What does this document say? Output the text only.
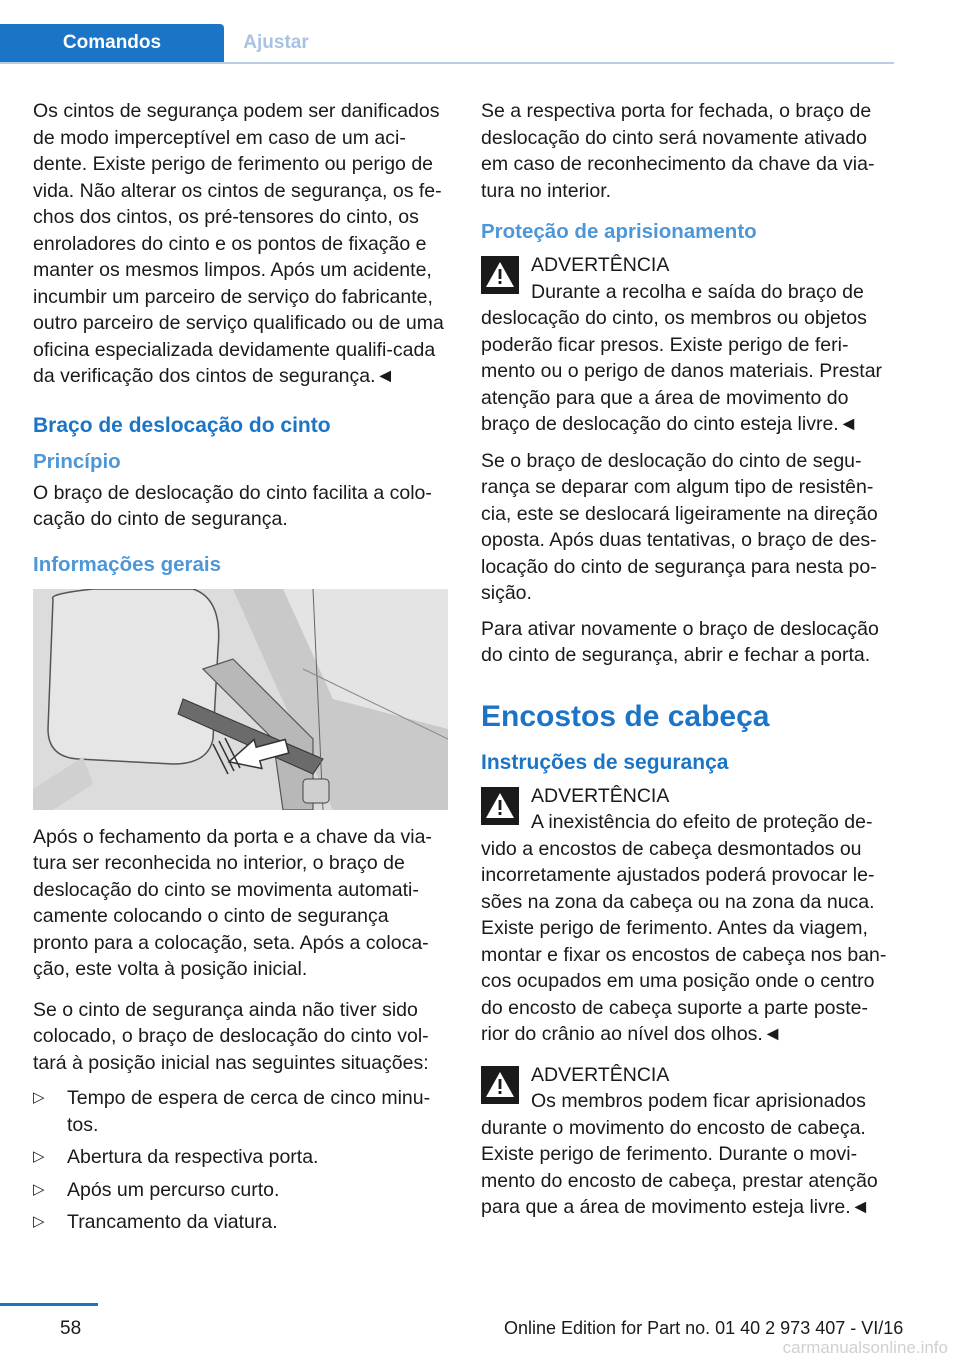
Comandos	Ajustar

Os cintos de segurança podem ser danificados de modo imperceptível em caso de um aci-dente. Existe perigo de ferimento ou perigo de vida. Não alterar os cintos de segurança, os fe-chos dos cintos, os pré-tensores do cinto, os enroladores do cinto e os pontos de fixação e manter os mesmos limpos. Após um acidente, incumbir um parceiro de serviço do fabricante, outro parceiro de serviço qualificado ou de uma oficina especializada devidamente qualifi-cada da verificação dos cintos de segurança.◄

Braço de deslocação do cinto
Princípio

O braço de deslocação do cinto facilita a colo-cação do cinto de segurança.

Informações gerais

Após o fechamento da porta e a chave da via-tura ser reconhecida no interior, o braço de deslocação do cinto se movimenta automati-camente colocando o cinto de segurança pronto para a colocação, seta. Após a coloca-ção, este volta à posição inicial.

Se o cinto de segurança ainda não tiver sido colocado, o braço de deslocação do cinto vol-tará à posição inicial nas seguintes situações:

▷ Tempo de espera de cerca de cinco minu-tos.
▷ Abertura da respectiva porta.
▷ Após um percurso curto.
▷ Trancamento da viatura.

Se a respectiva porta for fechada, o braço de deslocação do cinto será novamente ativado em caso de reconhecimento da chave da via-tura no interior.

Proteção de aprisionamento
ADVERTÊNCIA
Durante a recolha e saída do braço de deslocação do cinto, os membros ou objetos poderão ficar presos. Existe perigo de feri-mento ou o perigo de danos materiais. Prestar atenção para que a área de movimento do braço de deslocação do cinto esteja livre.◄

Se o braço de deslocação do cinto de segu-rança se deparar com algum tipo de resistên-cia, este se deslocará ligeiramente na direção oposta. Após duas tentativas, o braço de des-locação do cinto de segurança para nesta po-sição.

Para ativar novamente o braço de deslocação do cinto de segurança, abrir e fechar a porta.

Encostos de cabeça
Instruções de segurança
ADVERTÊNCIA
A inexistência do efeito de proteção de-vido a encostos de cabeça desmontados ou incorretamente ajustados poderá provocar le-sões na zona da cabeça ou na zona da nuca. Existe perigo de ferimento. Antes da viagem, montar e fixar os encostos de cabeça nos ban-cos ocupados em uma posição onde o centro do encosto de cabeça suporte a parte poste-rior do crânio ao nível dos olhos.◄
ADVERTÊNCIA
Os membros podem ficar aprisionados durante o movimento do encosto de cabeça. Existe perigo de ferimento. Durante o movi-mento do encosto de cabeça, prestar atenção para que a área de movimento esteja livre.◄
58	Online Edition for Part no. 01 40 2 973 407 - VI/16
carmanualsonline.info
